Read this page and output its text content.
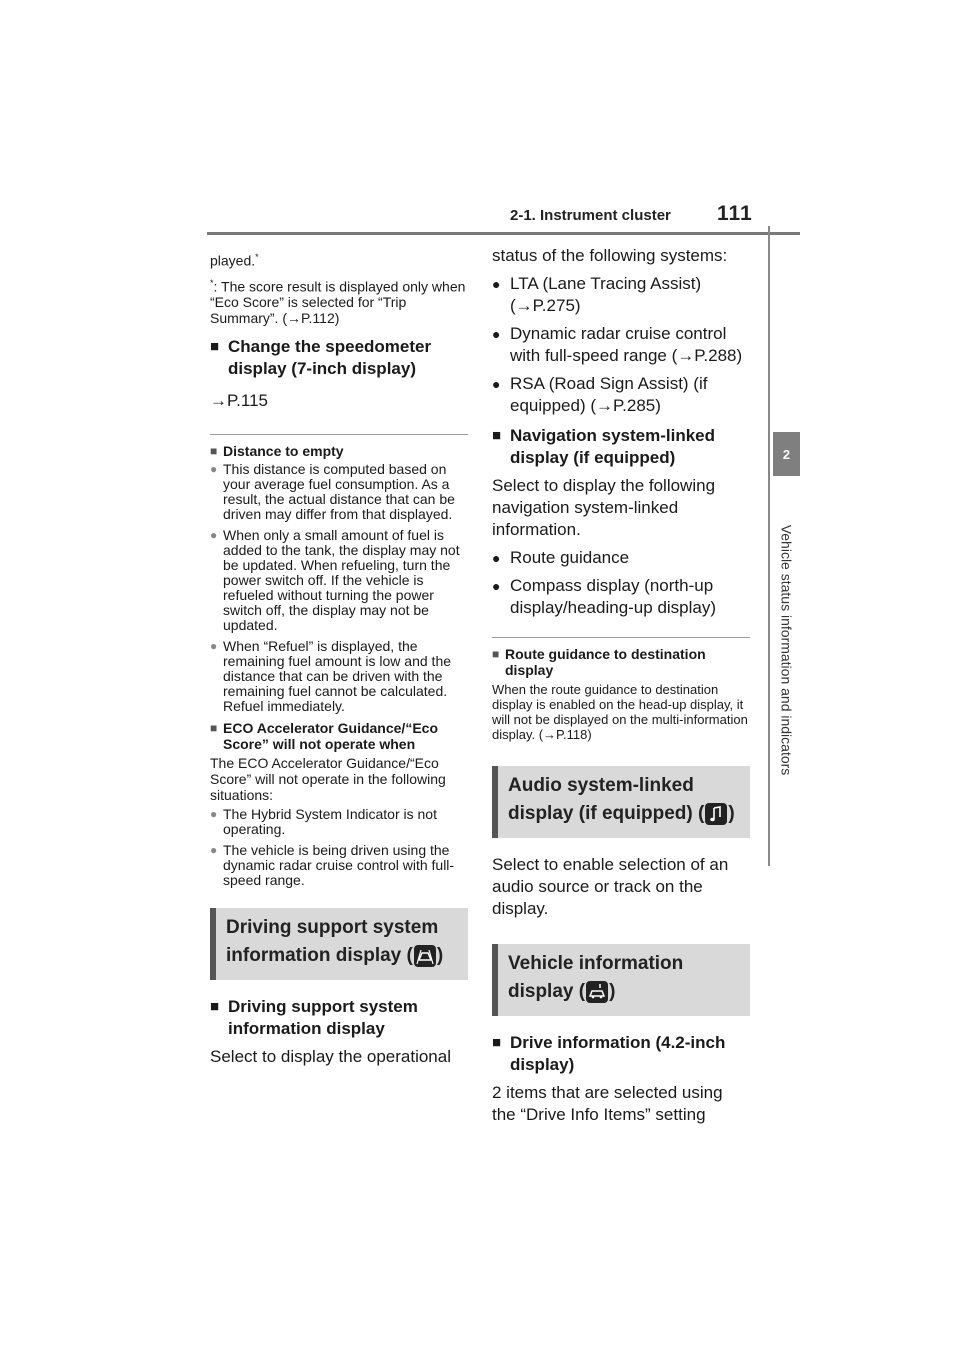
2-1. Instrument cluster 111
2
Vehicle status information and indicators

played.*

*: The score result is displayed only when “Eco Score” is selected for “Trip Summary”. (→P.112)

■ Change the speedometer display (7-inch display)

→P.115

■ Distance to empty
● This distance is computed based on your average fuel consumption. As a result, the actual distance that can be driven may differ from that displayed.
● When only a small amount of fuel is added to the tank, the display may not be updated. When refueling, turn the power switch off. If the vehicle is refueled without turning the power switch off, the display may not be updated.
● When “Refuel” is displayed, the remaining fuel amount is low and the distance that can be driven with the remaining fuel cannot be calculated.
Refuel immediately.
■ ECO Accelerator Guidance/“Eco Score” will not operate when

The ECO Accelerator Guidance/“Eco Score” will not operate in the following situations:

● The Hybrid System Indicator is not operating.
● The vehicle is being driven using the dynamic radar cruise control with full-speed range.
Driving support system information display ( )
■ Driving support system information display

Select to display the operational

status of the following systems:

● LTA (Lane Tracing Assist) (→P.275)
● Dynamic radar cruise control with full-speed range (→P.288)
● RSA (Road Sign Assist) (if equipped) (→P.285)
■ Navigation system-linked display (if equipped)

Select to display the following navigation system-linked information.

● Route guidance
● Compass display (north-up display/heading-up display)
■ Route guidance to destination display

When the route guidance to destination display is enabled on the head-up display, it will not be displayed on the multi-information display. (→P.118)

Audio system-linked display (if equipped) ( )

Select to enable selection of an audio source or track on the display.

Vehicle information display ( )
■ Drive information (4.2-inch display)

2 items that are selected using the “Drive Info Items” setting
